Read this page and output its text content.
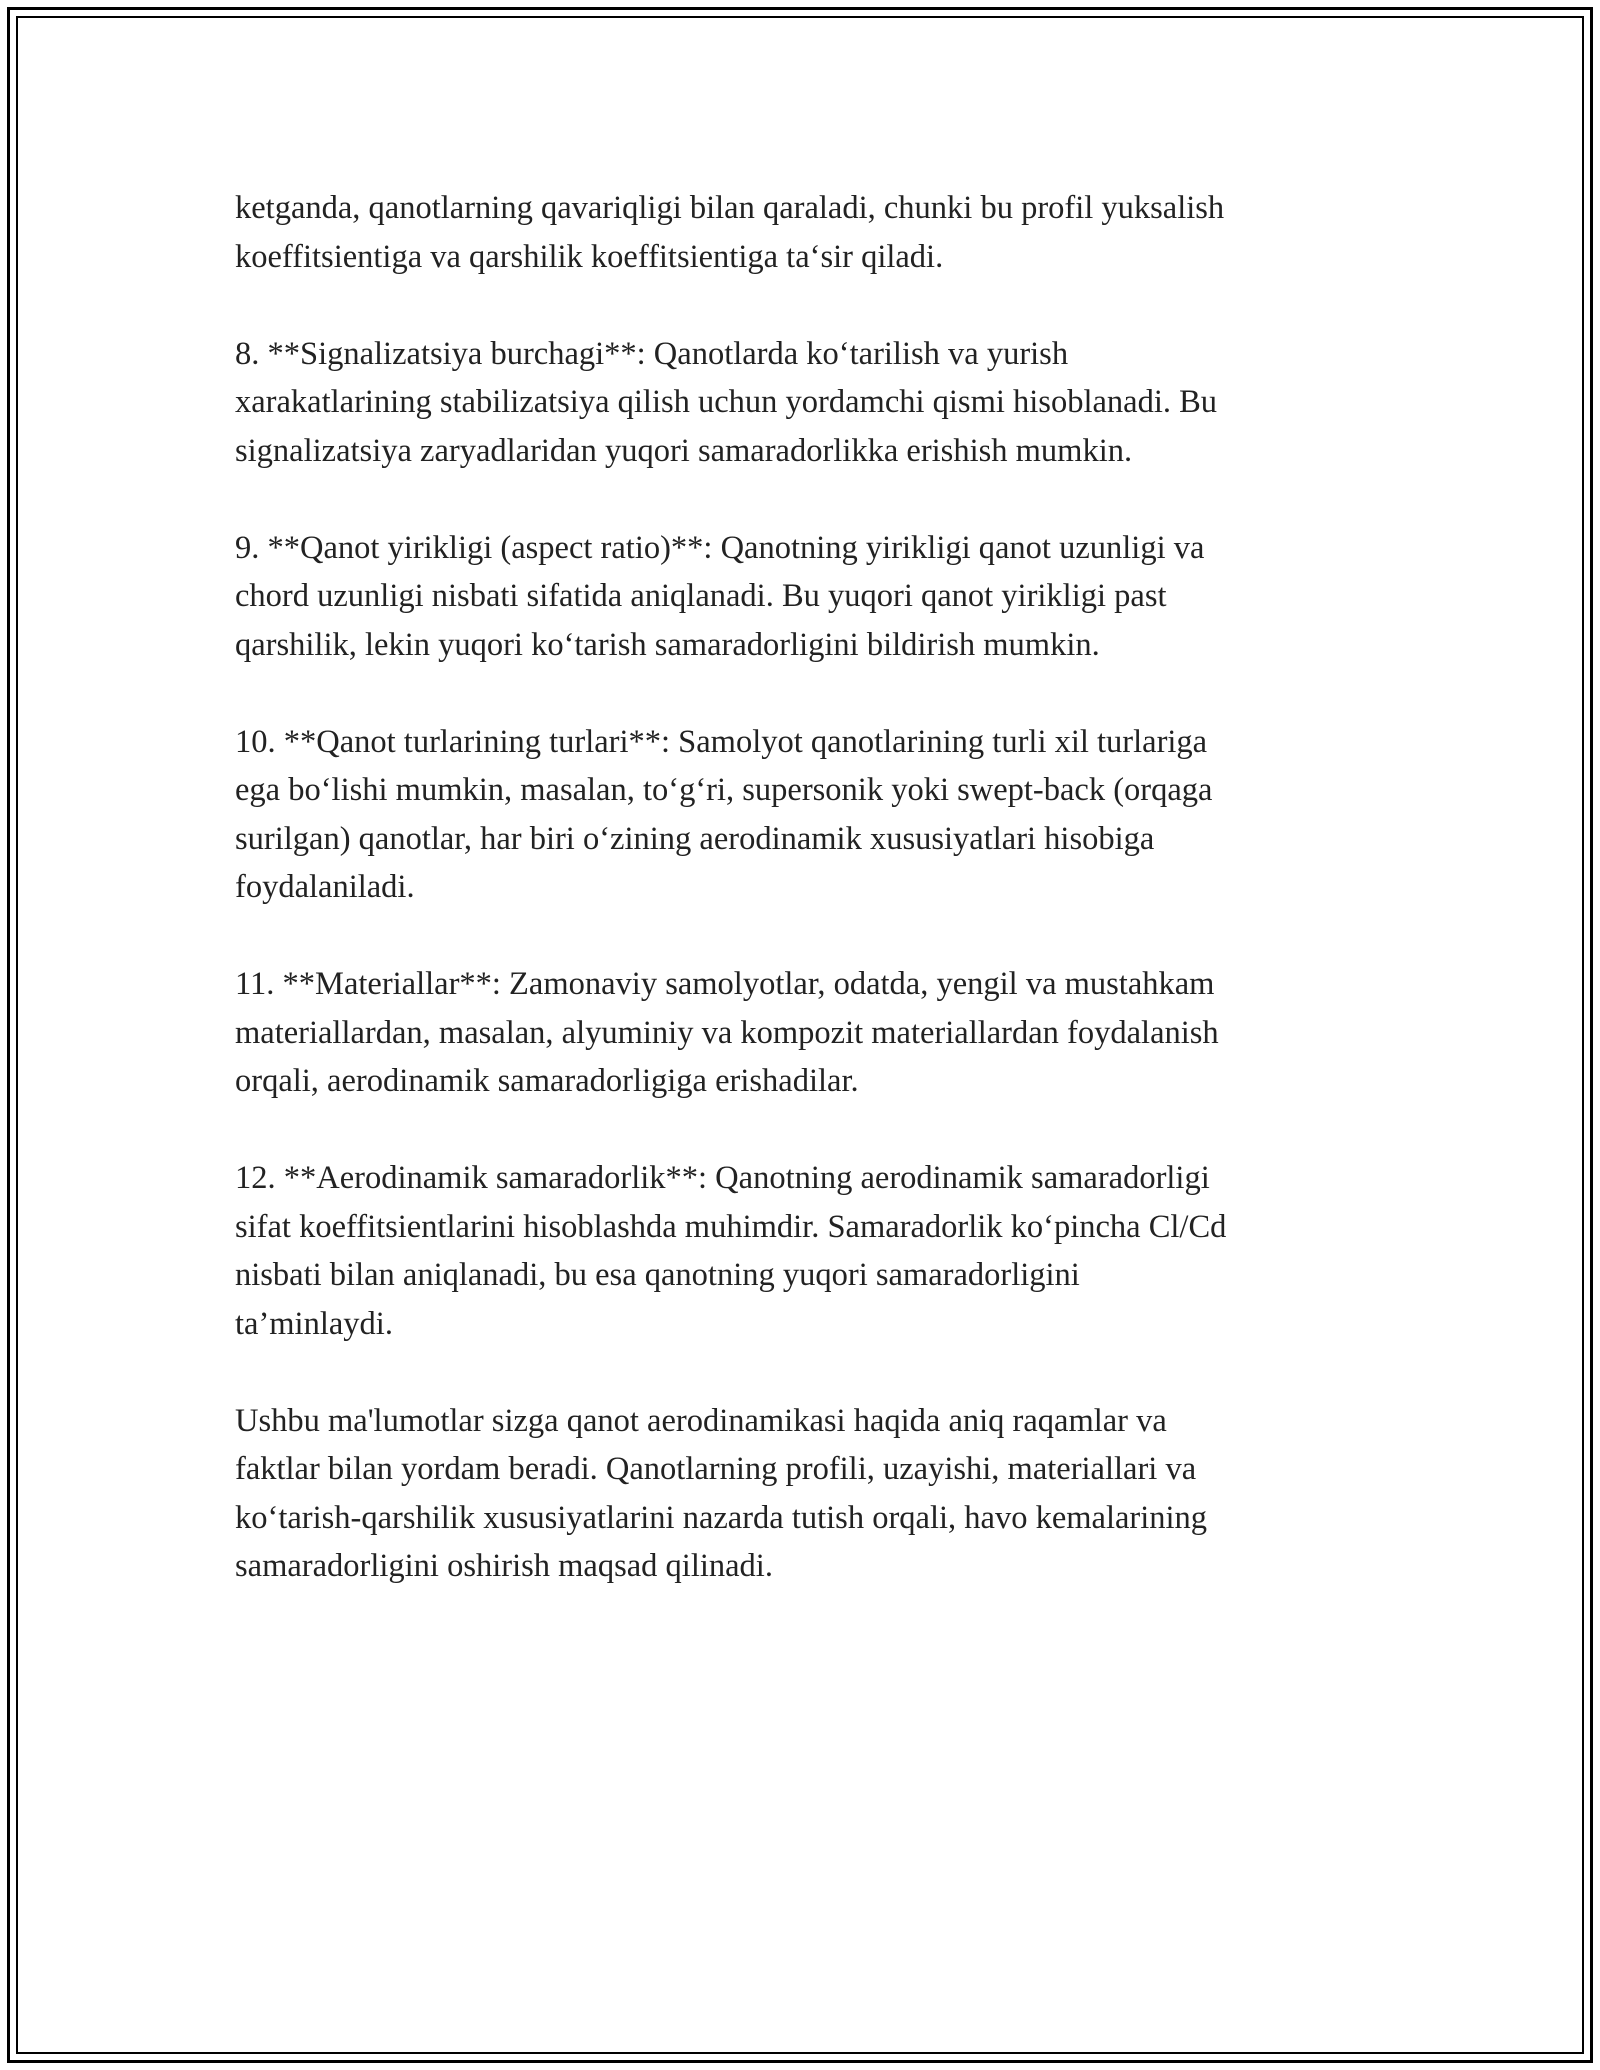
ketganda, qanotlarning qavariqligi bilan qaraladi, chunki bu profil yuksalish
koeffitsientiga va qarshilik koeffitsientiga ta‘sir qiladi.

8. **Signalizatsiya burchagi**: Qanotlarda ko‘tarilish va yurish
xarakatlarining stabilizatsiya qilish uchun yordamchi qismi hisoblanadi. Bu
signalizatsiya zaryadlaridan yuqori samaradorlikka erishish mumkin.

9. **Qanot yirikligi (aspect ratio)**: Qanotning yirikligi qanot uzunligi va
chord uzunligi nisbati sifatida aniqlanadi. Bu yuqori qanot yirikligi past
qarshilik, lekin yuqori ko‘tarish samaradorligini bildirish mumkin.

10. **Qanot turlarining turlari**: Samolyot qanotlarining turli xil turlariga
ega bo‘lishi mumkin, masalan, to‘g‘ri, supersonik yoki swept-back (orqaga
surilgan) qanotlar, har biri o‘zining aerodinamik xususiyatlari hisobiga
foydalaniladi.

11. **Materiallar**: Zamonaviy samolyotlar, odatda, yengil va mustahkam
materiallardan, masalan, alyuminiy va kompozit materiallardan foydalanish
orqali, aerodinamik samaradorligiga erishadilar.

12. **Aerodinamik samaradorlik**: Qanotning aerodinamik samaradorligi
sifat koeffitsientlarini hisoblashda muhimdir. Samaradorlik ko‘pincha Cl/Cd
nisbati bilan aniqlanadi, bu esa qanotning yuqori samaradorligini
ta’minlaydi.

Ushbu ma'lumotlar sizga qanot aerodinamikasi haqida aniq raqamlar va
faktlar bilan yordam beradi. Qanotlarning profili, uzayishi, materiallari va
ko‘tarish-qarshilik xususiyatlarini nazarda tutish orqali, havo kemalarining
samaradorligini oshirish maqsad qilinadi.
